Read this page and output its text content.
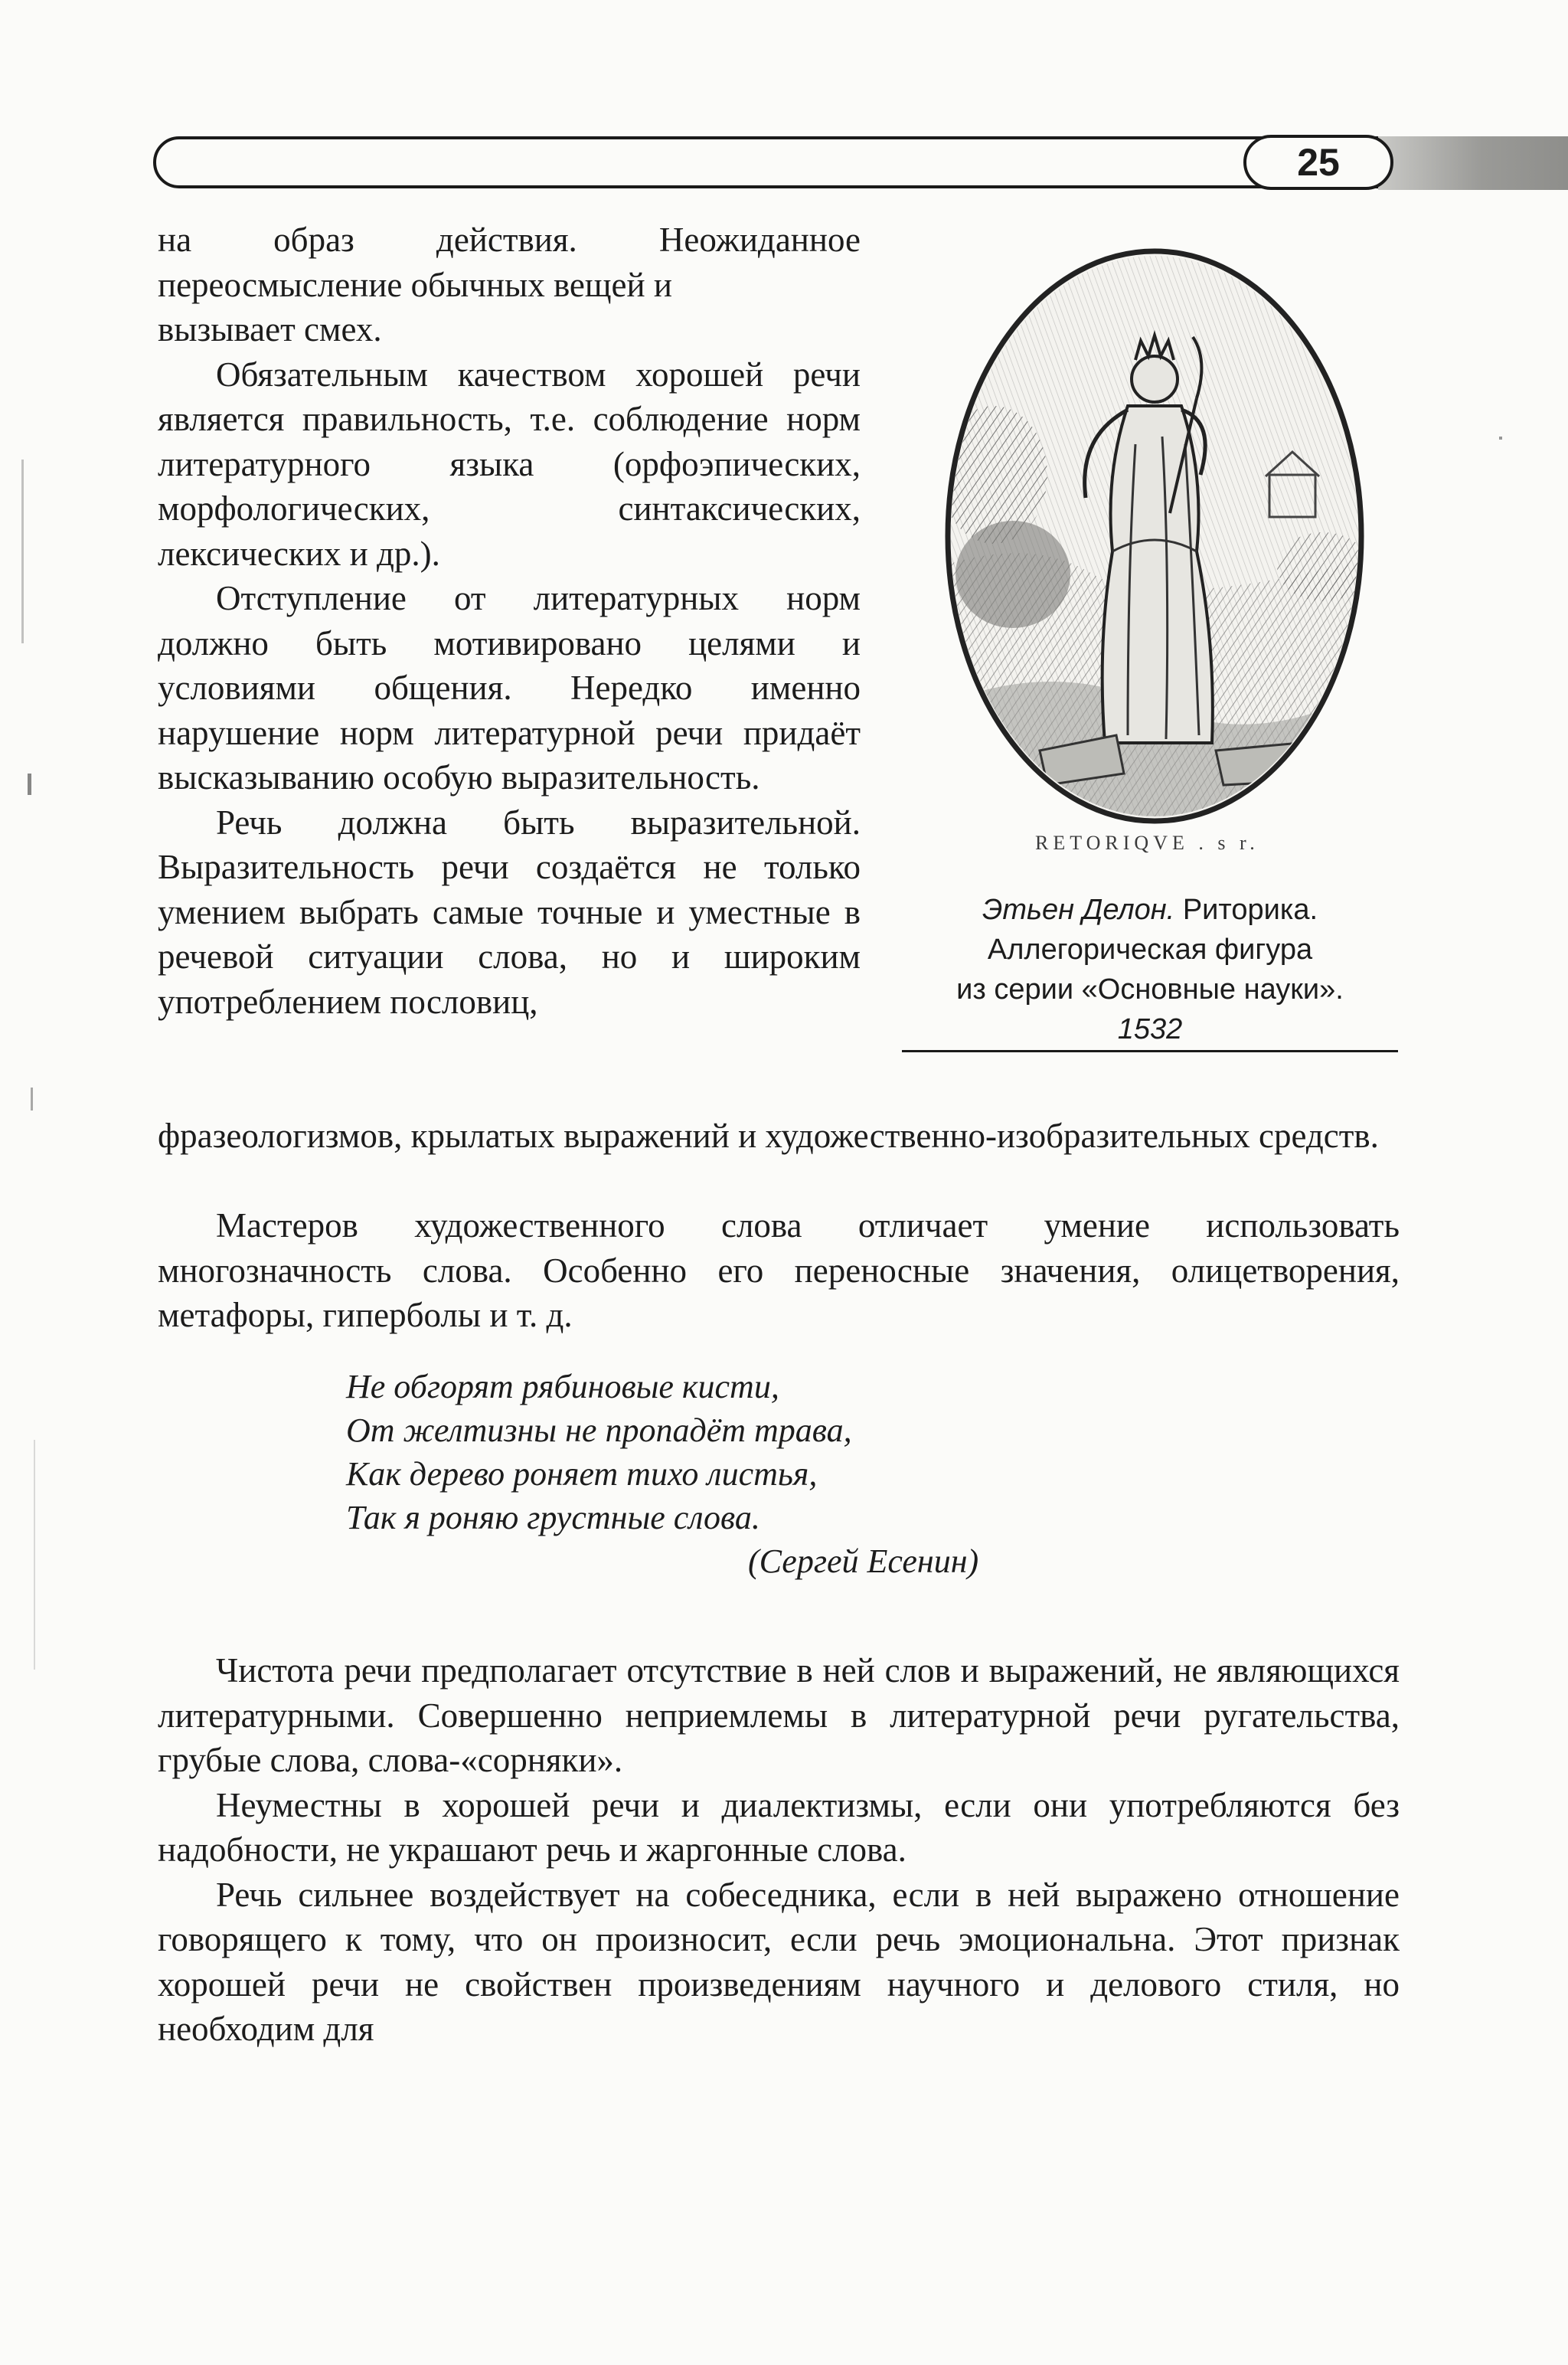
25

на образ действия. Неожиданное переосмысление обычных вещей и
вызывает смех.

Обязательным качеством хорошей речи является правильность, т.е. соблюдение норм литературного языка (орфоэпических, морфологических, синтаксических, лексических и др.).

Отступление от литературных норм должно быть мотивировано целями и условиями общения. Нередко именно нарушение норм литературной речи придаёт высказыванию особую выразительность.

Речь должна быть выразительной. Выразительность речи создаётся не только умением выбрать самые точные и уместные в речевой ситуации слова, но и широким употреблением пословиц,

RETORIQVE . s r.
Этьен Делон. Риторика.
Аллегорическая фигура
из серии «Основные науки».
1532

фразеологизмов, крылатых выражений и художественно-изобразительных средств.

Мастеров художественного слова отличает умение использовать многозначность слова. Особенно его переносные значения, олицетворения, метафоры, гиперболы и т. д.

Не обгорят рябиновые кисти,
От желтизны не пропадёт трава,
Как дерево роняет тихо листья,
Так я роняю грустные слова.
(Сергей Есенин)

Чистота речи предполагает отсутствие в ней слов и выражений, не являющихся литературными. Совершенно неприемлемы в литературной речи ругательства, грубые слова, слова-«сорняки».

Неуместны в хорошей речи и диалектизмы, если они употребляются без надобности, не украшают речь и жаргонные слова.

Речь сильнее воздействует на собеседника, если в ней выражено отношение говорящего к тому, что он произносит, если речь эмоциональна. Этот признак хорошей речи не свойствен произведениям научного и делового стиля, но необходим для
